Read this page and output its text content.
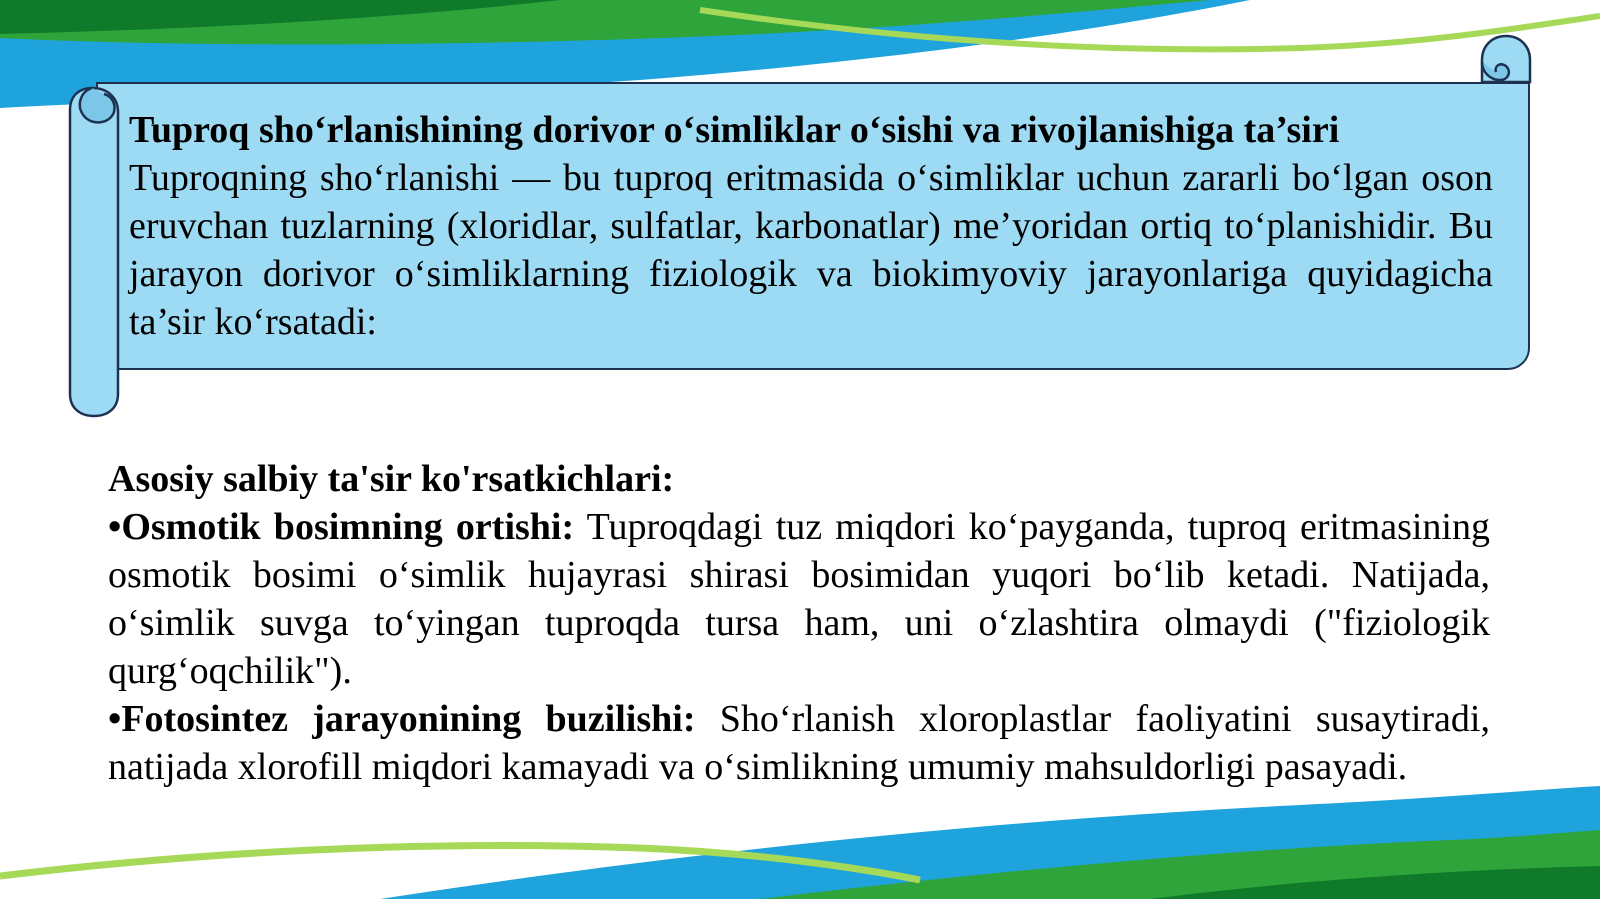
Tuproq sho‘rlanishining dorivor o‘simliklar o‘sishi va rivojlanishiga ta’siri
Tuproqning sho‘rlanishi — bu tuproq eritmasida o‘simliklar uchun zararli bo‘lgan oson eruvchan tuzlarning (xloridlar, sulfatlar, karbonatlar) me’yoridan ortiq to‘planishidir. Bu jarayon dorivor o‘simliklarning fiziologik va biokimyoviy jarayonlariga quyidagicha ta’sir ko‘rsatadi:
Asosiy salbiy ta'sir ko'rsatkichlari:
•Osmotik bosimning ortishi: Tuproqdagi tuz miqdori ko‘payganda, tuproq eritmasining osmotik bosimi o‘simlik hujayrasi shirasi bosimidan yuqori bo‘lib ketadi. Natijada, o‘simlik suvga to‘yingan tuproqda tursa ham, uni o‘zlashtira olmaydi ("fiziologik qurg‘oqchilik").
•Fotosintez jarayonining buzilishi: Sho‘rlanish xloroplastlar faoliyatini susaytiradi, natijada xlorofill miqdori kamayadi va o‘simlikning umumiy mahsuldorligi pasayadi.
